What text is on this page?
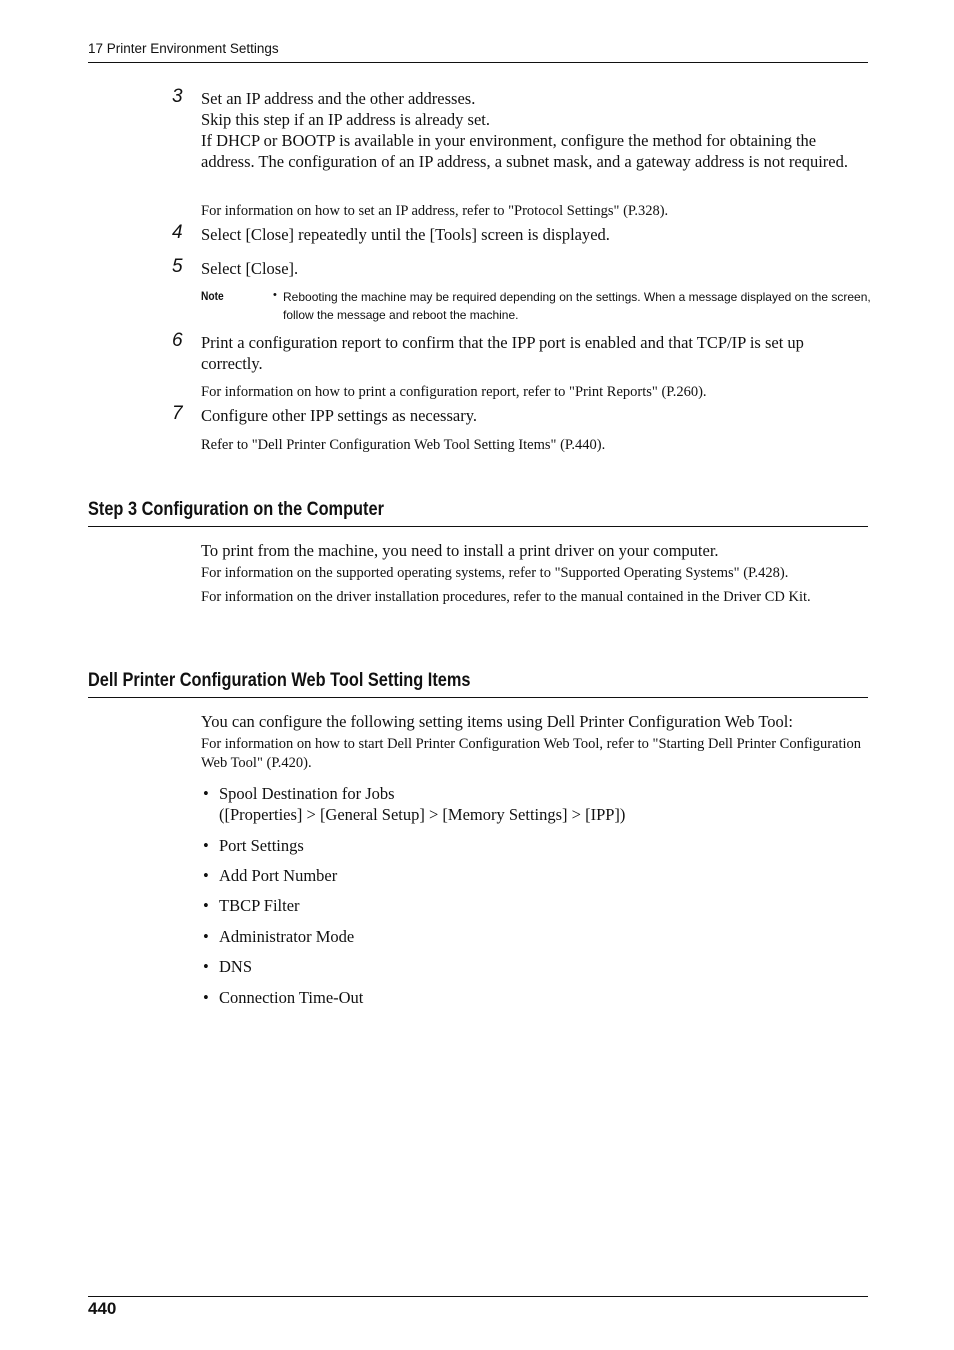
17 Printer Environment Settings
3	Set an IP address and the other addresses.
Skip this step if an IP address is already set.
If DHCP or BOOTP is available in your environment, configure the method for obtaining the address. The configuration of an IP address, a subnet mask, and a gateway address is not required.
For information on how to set an IP address, refer to "Protocol Settings" (P.328).
4	Select [Close] repeatedly until the [Tools] screen is displayed.
5	Select [Close].
Note	• Rebooting the machine may be required depending on the settings. When a message displayed on the screen, follow the message and reboot the machine.
6	Print a configuration report to confirm that the IPP port is enabled and that TCP/IP is set up correctly.
For information on how to print a configuration report, refer to "Print Reports" (P.260).
7	Configure other IPP settings as necessary.
Refer to "Dell Printer Configuration Web Tool Setting Items" (P.440).
Step 3 Configuration on the Computer
To print from the machine, you need to install a print driver on your computer.
For information on the supported operating systems, refer to "Supported Operating Systems" (P.428).
For information on the driver installation procedures, refer to the manual contained in the Driver CD Kit.
Dell Printer Configuration Web Tool Setting Items
You can configure the following setting items using Dell Printer Configuration Web Tool:
For information on how to start Dell Printer Configuration Web Tool, refer to "Starting Dell Printer Configuration Web Tool" (P.420).
• Spool Destination for Jobs
([Properties] > [General Setup] > [Memory Settings] > [IPP])
• Port Settings
• Add Port Number
• TBCP Filter
• Administrator Mode
• DNS
• Connection Time-Out
440
